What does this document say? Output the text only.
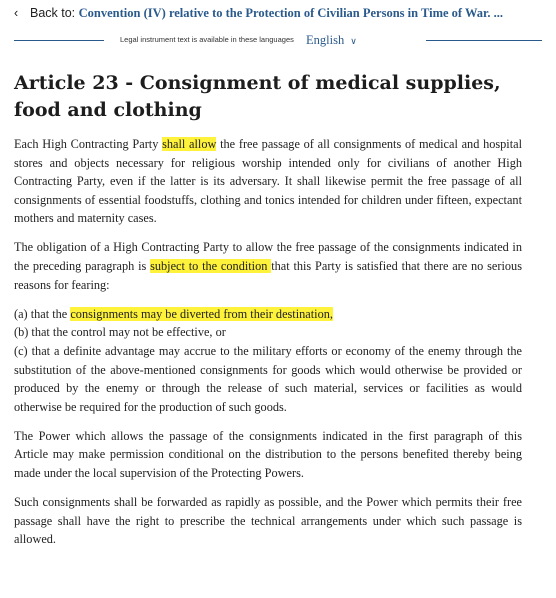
‹ Back to: Convention (IV) relative to the Protection of Civilian Persons in Time of War. ...
Legal instrument text is available in these languages English ∨
Article 23 - Consignment of medical supplies, food and clothing

Each High Contracting Party shall allow the free passage of all consignments of medical and hospital stores and objects necessary for religious worship intended only for civilians of another High Contracting Party, even if the latter is its adversary. It shall likewise permit the free passage of all consignments of essential foodstuffs, clothing and tonics intended for children under fifteen, expectant mothers and maternity cases.

The obligation of a High Contracting Party to allow the free passage of the consignments indicated in the preceding paragraph is subject to the condition that this Party is satisfied that there are no serious reasons for fearing:

(a) that the consignments may be diverted from their destination,
(b) that the control may not be effective, or
(c) that a definite advantage may accrue to the military efforts or economy of the enemy through the substitution of the above-mentioned consignments for goods which would otherwise be provided or produced by the enemy or through the release of such material, services or facilities as would otherwise be required for the production of such goods.

The Power which allows the passage of the consignments indicated in the first paragraph of this Article may make permission conditional on the distribution to the persons benefited thereby being made under the local supervision of the Protecting Powers.

Such consignments shall be forwarded as rapidly as possible, and the Power which permits their free passage shall have the right to prescribe the technical arrangements under which such passage is allowed.
